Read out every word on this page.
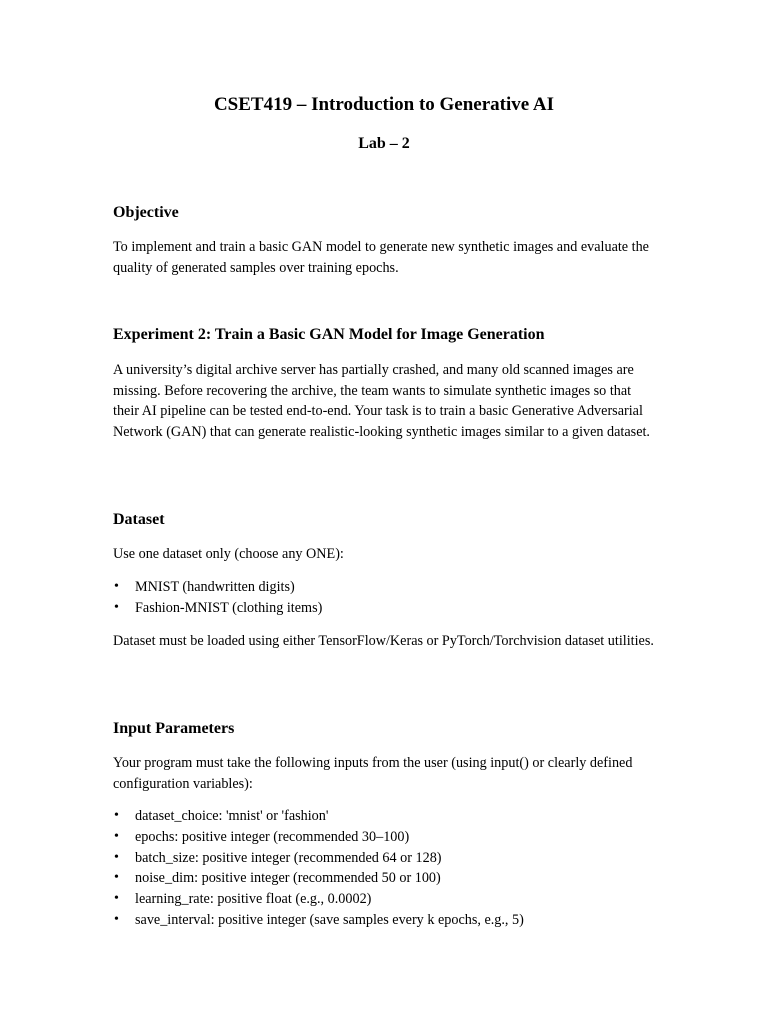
CSET419 – Introduction to Generative AI
Lab – 2
Objective

To implement and train a basic GAN model to generate new synthetic images and evaluate the quality of generated samples over training epochs.

Experiment 2: Train a Basic GAN Model for Image Generation

A university’s digital archive server has partially crashed, and many old scanned images are missing. Before recovering the archive, the team wants to simulate synthetic images so that their AI pipeline can be tested end-to-end. Your task is to train a basic Generative Adversarial Network (GAN) that can generate realistic-looking synthetic images similar to a given dataset.

Dataset

Use one dataset only (choose any ONE):

• MNIST (handwritten digits)
• Fashion-MNIST (clothing items)

Dataset must be loaded using either TensorFlow/Keras or PyTorch/Torchvision dataset utilities.

Input Parameters

Your program must take the following inputs from the user (using input() or clearly defined configuration variables):

• dataset_choice: 'mnist' or 'fashion'
• epochs: positive integer (recommended 30–100)
• batch_size: positive integer (recommended 64 or 128)
• noise_dim: positive integer (recommended 50 or 100)
• learning_rate: positive float (e.g., 0.0002)
• save_interval: positive integer (save samples every k epochs, e.g., 5)
